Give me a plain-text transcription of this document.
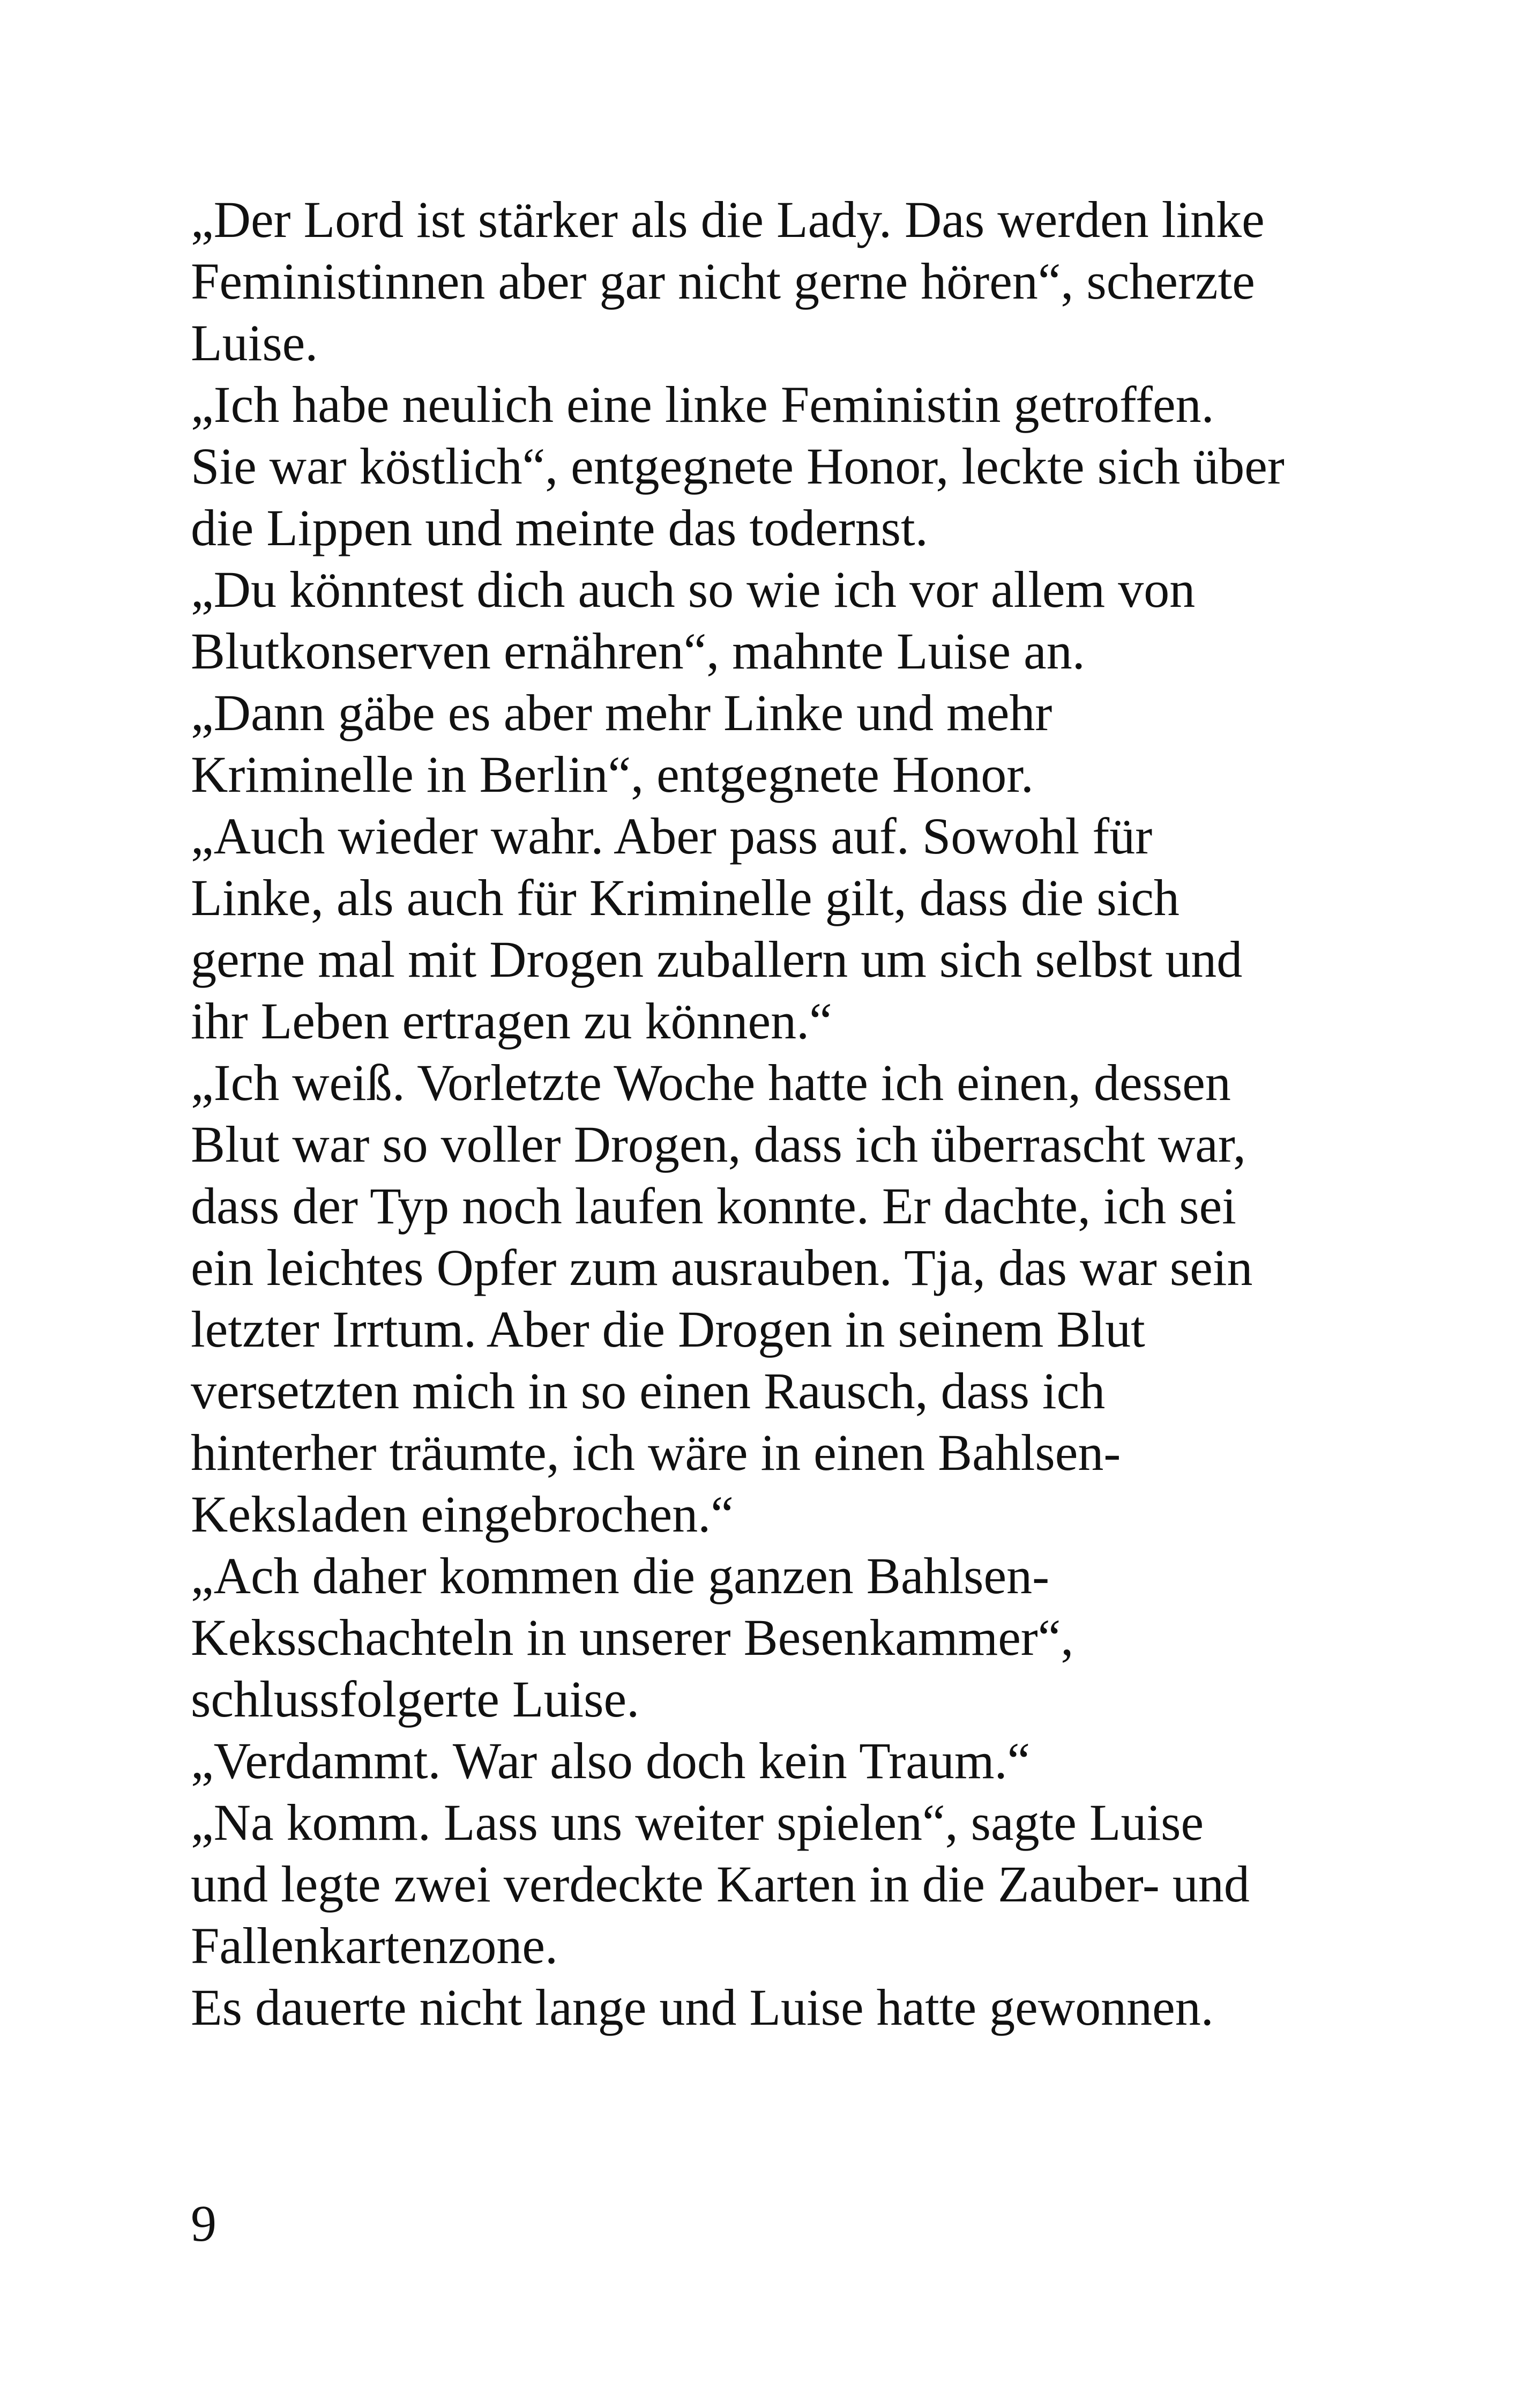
„Der Lord ist stärker als die Lady. Das werden linke
Feministinnen aber gar nicht gerne hören“, scherzte
Luise.
„Ich habe neulich eine linke Feministin getroffen.
Sie war köstlich“, entgegnete Honor, leckte sich über
die Lippen und meinte das todernst.
„Du könntest dich auch so wie ich vor allem von
Blutkonserven ernähren“, mahnte Luise an.
„Dann gäbe es aber mehr Linke und mehr
Kriminelle in Berlin“, entgegnete Honor.
„Auch wieder wahr. Aber pass auf. Sowohl für
Linke, als auch für Kriminelle gilt, dass die sich
gerne mal mit Drogen zuballern um sich selbst und
ihr Leben ertragen zu können.“
„Ich weiß. Vorletzte Woche hatte ich einen, dessen
Blut war so voller Drogen, dass ich überrascht war,
dass der Typ noch laufen konnte. Er dachte, ich sei
ein leichtes Opfer zum ausrauben. Tja, das war sein
letzter Irrtum. Aber die Drogen in seinem Blut
versetzten mich in so einen Rausch, dass ich
hinterher träumte, ich wäre in einen Bahlsen-
Keksladen eingebrochen.“
„Ach daher kommen die ganzen Bahlsen-
Keksschachteln in unserer Besenkammer“,
schlussfolgerte Luise.
„Verdammt. War also doch kein Traum.“
„Na komm. Lass uns weiter spielen“, sagte Luise
und legte zwei verdeckte Karten in die Zauber- und
Fallenkartenzone.
Es dauerte nicht lange und Luise hatte gewonnen.
9
